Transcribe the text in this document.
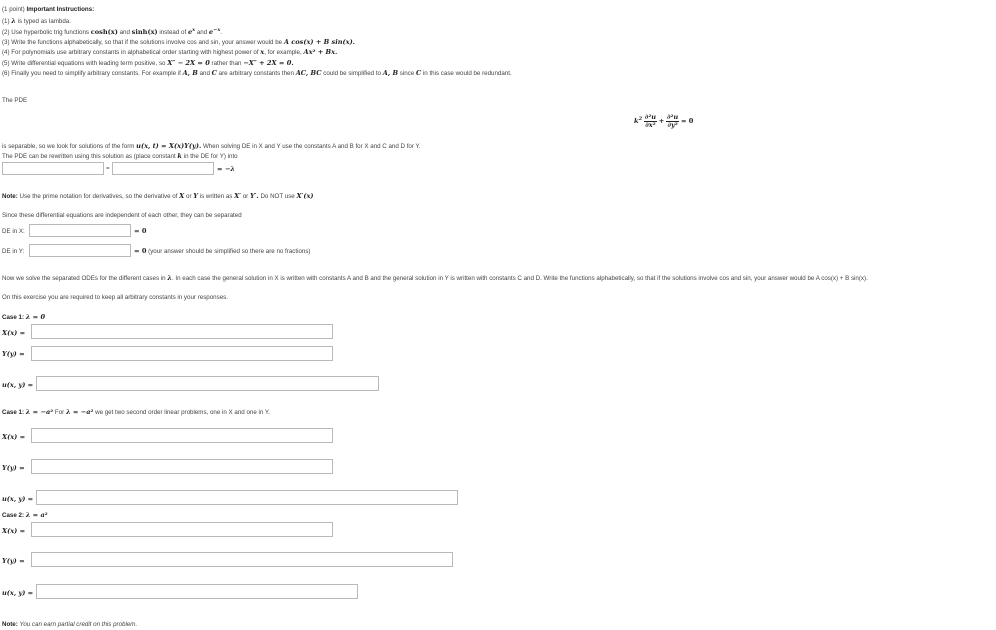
(1 point) Important Instructions:
(1) λ is typed as lambda.
(2) Use hyperbolic trig functions cosh(x) and sinh(x) instead of $e^x$ and $e^{-x}$.
(3) Write the functions alphabetically, so that if the solutions involve cos and sin, your answer would be A cos(x) + B sin(x).
(4) For polynomials use arbitrary constants in alphabetical order starting with highest power of x, for example, Ax² + Bx.
(5) Write differential equations with leading term positive, so X″ − 2X = 0 rather than −X″ + 2X = 0.
(6) Finally you need to simplify arbitrary constants. For example if A, B and C are arbitrary constants then AC, BC could be simplified to A, B since C in this case would be redundant.
The PDE
$k^2 \frac{\text{∂²u}}{\text{∂x²}} + \frac{\text{∂²u}}{\text{∂y²}} = 0$
is separable, so we look for solutions of the form u(x, t) = X(x)Y(y). When solving DE in X and Y use the constants A and B for X and C and D for Y.
The PDE can be rewritten using this solution as (place constant k in the DE for Y) into
=	= −λ
Note: Use the prime notation for derivatives, so the derivative of X or Y is written as X′ or Y′. Do NOT use X′(x)
Since these differential equations are independent of each other, they can be separated
DE in X:	= 0
DE in Y:	= 0 (your answer should be simplified so there are no fractions)
Now we solve the separated ODEs for the different cases in λ. In each case the general solution in X is written with constants A and B and the general solution in Y is written with constants C and D. Write the functions alphabetically, so that if the solutions involve cos and sin, your answer would be A cos(x) + B sin(x).
On this exercise you are required to keep all arbitrary constants in your responses.
Case 1: λ = 0
X(x) =
Y(y) =
u(x, y) =
Case 1: λ = −a² For λ = −a² we get two second order linear problems, one in X and one in Y.
X(x) =
Y(y) =
u(x, y) =
Case 2: λ = a²
X(x) =
Y(y) =
u(x, y) =
Note: You can earn partial credit on this problem.
